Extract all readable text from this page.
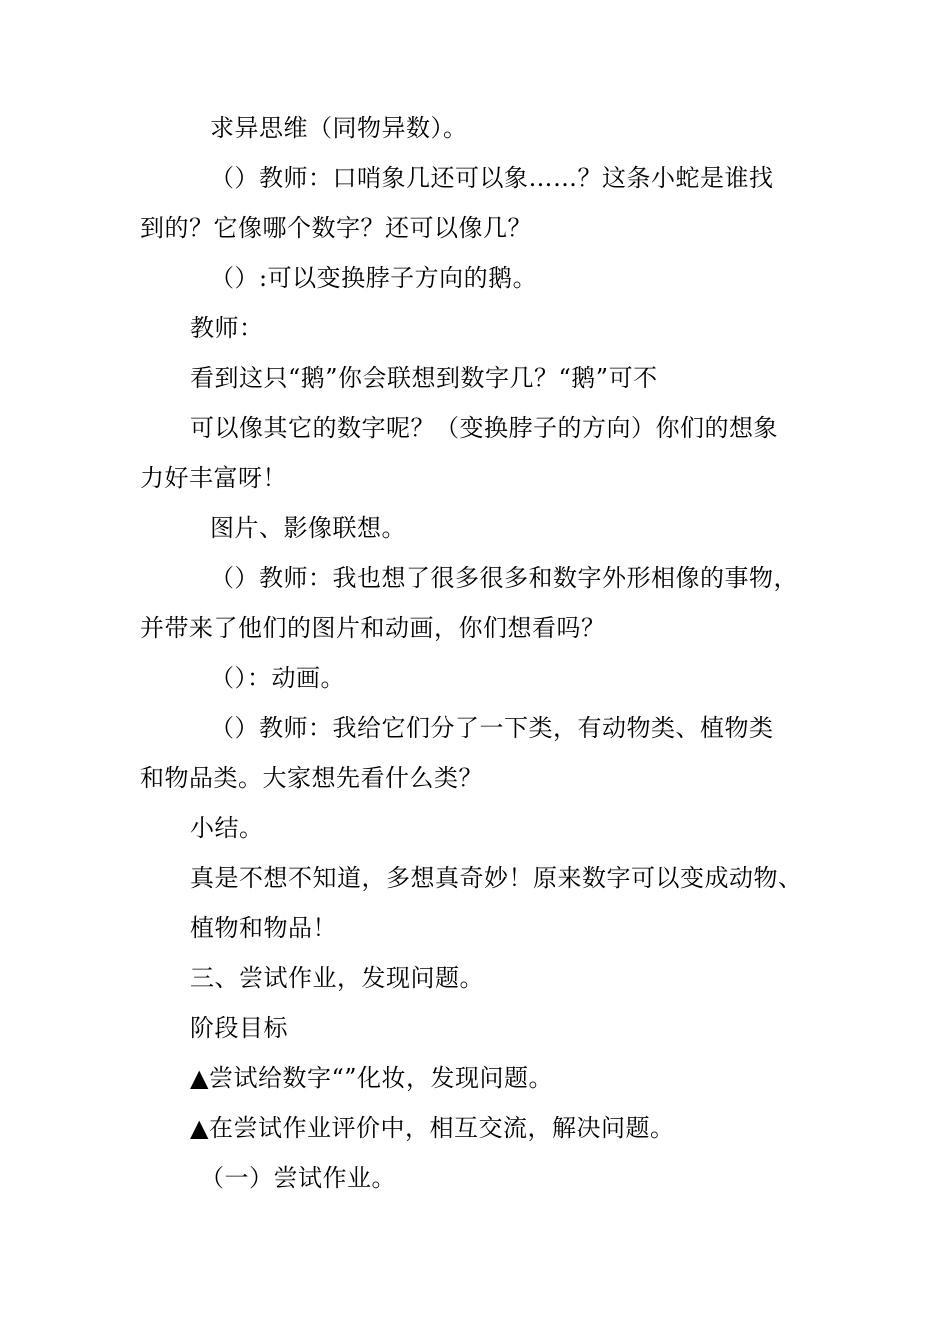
求异思维（同物异数）。
（）教师：口哨象几还可以象……？这条小蛇是谁找
到的？它像哪个数字？还可以像几？
（）:可以变换脖子方向的鹅。
教师：
看到这只“鹅”你会联想到数字几？“鹅”可不
可以像其它的数字呢？（变换脖子的方向）你们的想象
力好丰富呀！
图片、影像联想。
（）教师：我也想了很多很多和数字外形相像的事物，
并带来了他们的图片和动画，你们想看吗？
（）：动画。
（）教师：我给它们分了一下类，有动物类、植物类
和物品类。大家想先看什么类？
小结。
真是不想不知道，多想真奇妙！原来数字可以变成动物、
植物和物品！
三、尝试作业，发现问题。
阶段目标
▲尝试给数字“”化妆，发现问题。
▲在尝试作业评价中，相互交流，解决问题。
（一）尝试作业。
